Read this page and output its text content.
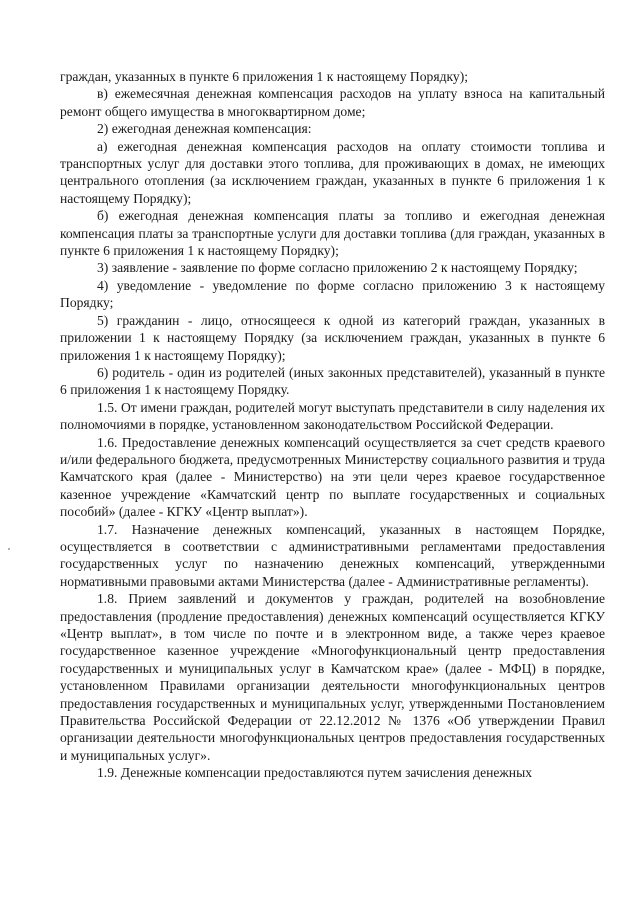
граждан, указанных в пункте 6 приложения 1 к настоящему Порядку);

в) ежемесячная денежная компенсация расходов на уплату взноса на капитальный ремонт общего имущества в многоквартирном доме;

2) ежегодная денежная компенсация:

а) ежегодная денежная компенсация расходов на оплату стоимости топлива и транспортных услуг для доставки этого топлива, для проживающих в домах, не имеющих центрального отопления (за исключением граждан, указанных в пункте 6 приложения 1 к настоящему Порядку);

б) ежегодная денежная компенсация платы за топливо и ежегодная денежная компенсация платы за транспортные услуги для доставки топлива (для граждан, указанных в пункте 6 приложения 1 к настоящему Порядку);

3) заявление - заявление по форме согласно приложению 2 к настоящему Порядку;

4) уведомление - уведомление по форме согласно приложению 3 к настоящему Порядку;

5) гражданин - лицо, относящееся к одной из категорий граждан, указанных в приложении 1 к настоящему Порядку (за исключением граждан, указанных в пункте 6 приложения 1 к настоящему Порядку);

6) родитель - один из родителей (иных законных представителей), указанный в пункте 6 приложения 1 к настоящему Порядку.

1.5. От имени граждан, родителей могут выступать представители в силу наделения их полномочиями в порядке, установленном законодательством Российской Федерации.

1.6. Предоставление денежных компенсаций осуществляется за счет средств краевого и/или федерального бюджета, предусмотренных Министерству социального развития и труда Камчатского края (далее - Министерство) на эти цели через краевое государственное казенное учреждение «Камчатский центр по выплате государственных и социальных пособий» (далее - КГКУ «Центр выплат»).

1.7. Назначение денежных компенсаций, указанных в настоящем Порядке, осуществляется в соответствии с административными регламентами предоставления государственных услуг по назначению денежных компенсаций, утвержденными нормативными правовыми актами Министерства (далее - Административные регламенты).

1.8. Прием заявлений и документов у граждан, родителей на возобновление предоставления (продление предоставления) денежных компенсаций осуществляется КГКУ «Центр выплат», в том числе по почте и в электронном виде, а также через краевое государственное казенное учреждение «Многофункциональный центр предоставления государственных и муниципальных услуг в Камчатском крае» (далее - МФЦ) в порядке, установленном Правилами организации деятельности многофункциональных центров предоставления государственных и муниципальных услуг, утвержденными Постановлением Правительства Российской Федерации от 22.12.2012 № 1376 «Об утверждении Правил организации деятельности многофункциональных центров предоставления государственных и муниципальных услуг».

1.9. Денежные компенсации предоставляются путем зачисления денежных
